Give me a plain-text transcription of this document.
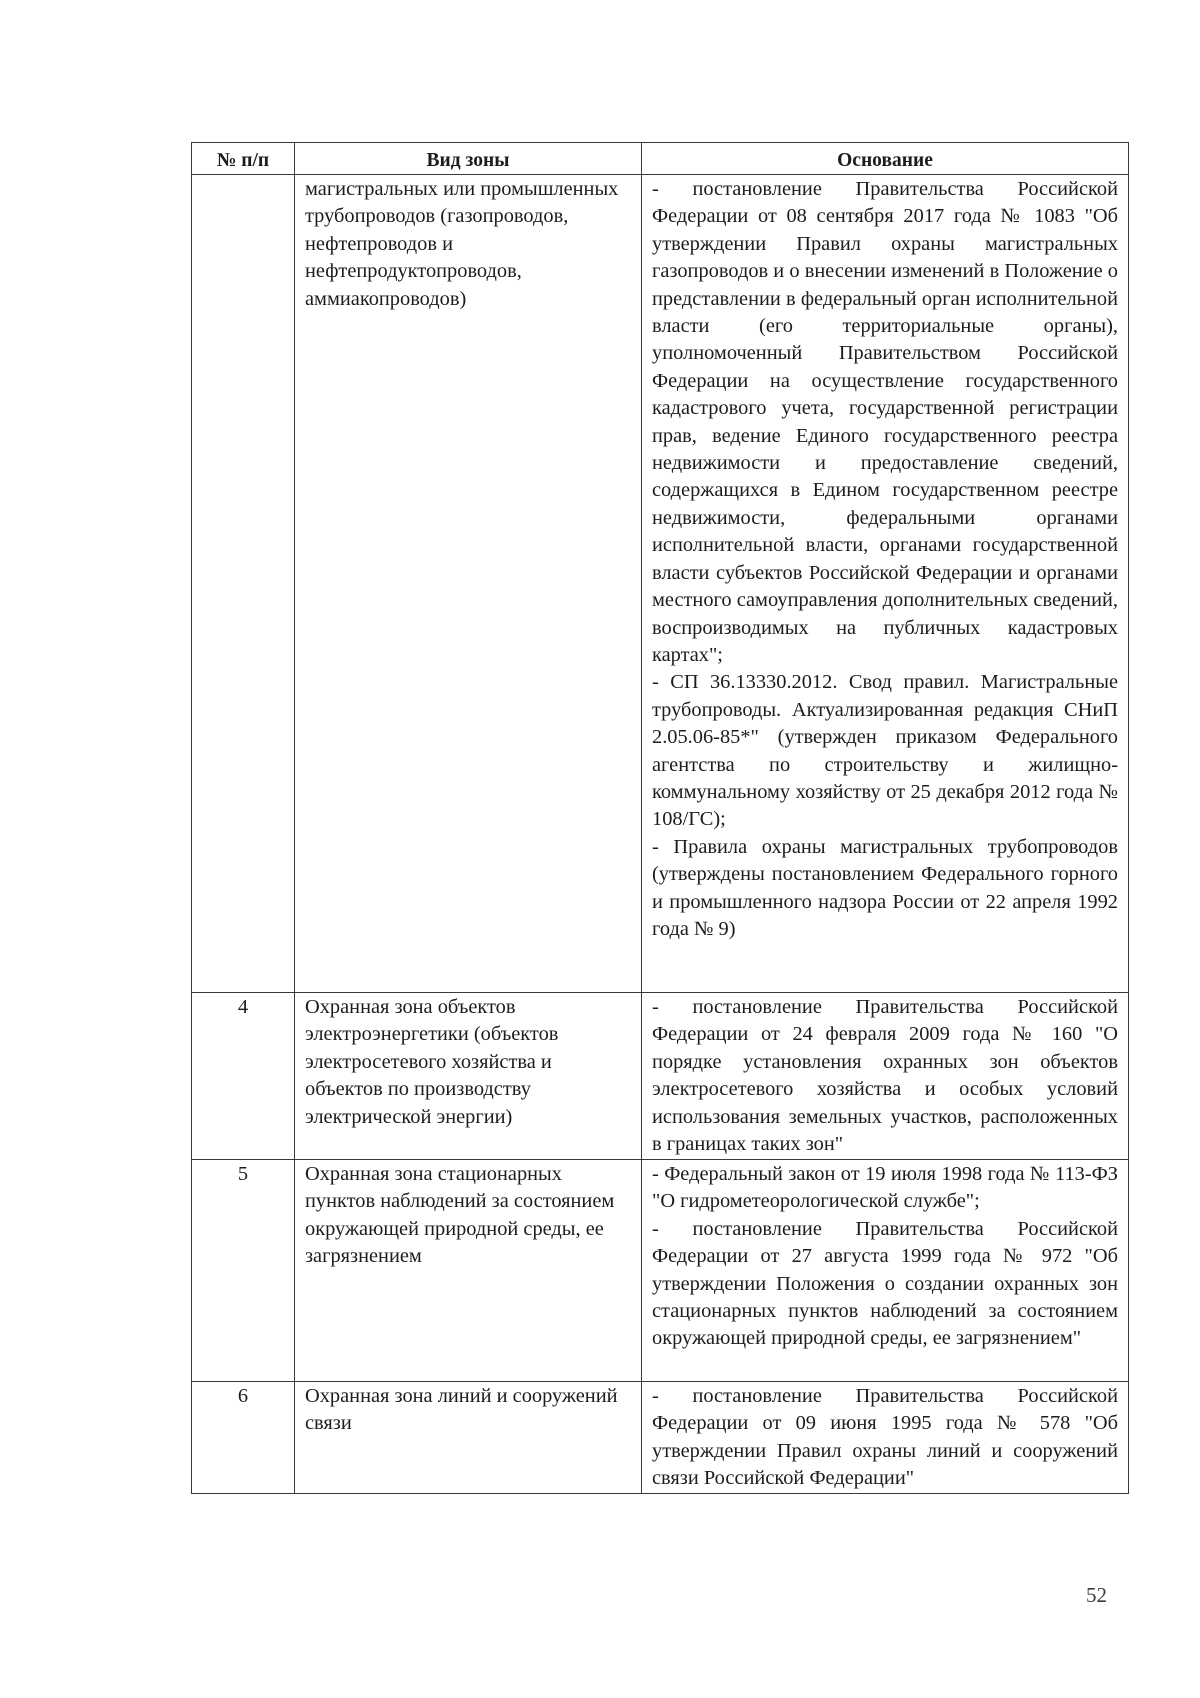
№ п/п	Вид зоны	Основание
	магистральных или промышленных трубопроводов (газопроводов, нефтепроводов и нефтепродуктопроводов, аммиакопроводов)	- постановление Правительства Российской Федерации от 08 сентября 2017 года № 1083 "Об утверждении Правил охраны магистральных газопроводов и о внесении изменений в Положение о представлении в федеральный орган исполнительной власти (его территориальные органы), уполномоченный Правительством Российской Федерации на осуществление государственного кадастрового учета, государственной регистрации прав, ведение Единого государственного реестра недвижимости и предоставление сведений, содержащихся в Едином государственном реестре недвижимости, федеральными органами исполнительной власти, органами государственной власти субъектов Российской Федерации и органами местного самоуправления дополнительных сведений, воспроизводимых на публичных кадастровых картах";
- СП 36.13330.2012. Свод правил. Магистральные трубопроводы. Актуализированная редакция СНиП 2.05.06-85*" (утвержден приказом Федерального агентства по строительству и жилищно-коммунальному хозяйству от 25 декабря 2012 года № 108/ГС);
- Правила охраны магистральных трубопроводов (утверждены постановлением Федерального горного и промышленного надзора России от 22 апреля 1992 года № 9)

4	Охранная зона объектов электроэнергетики (объектов электросетевого хозяйства и объектов по производству электрической энергии)	- постановление Правительства Российской Федерации от 24 февраля 2009 года № 160 "О порядке установления охранных зон объектов электросетевого хозяйства и особых условий использования земельных участков, расположенных в границах таких зон"

5	Охранная зона стационарных пунктов наблюдений за состоянием окружающей природной среды, ее загрязнением	- Федеральный закон от 19 июля 1998 года № 113-ФЗ "О гидрометеорологической службе";
- постановление Правительства Российской Федерации от 27 августа 1999 года № 972 "Об утверждении Положения о создании охранных зон стационарных пунктов наблюдений за состоянием окружающей природной среды, ее загрязнением"

6	Охранная зона линий и сооружений связи	- постановление Правительства Российской Федерации от 09 июня 1995 года № 578 "Об утверждении Правил охраны линий и сооружений связи Российской Федерации"
52
